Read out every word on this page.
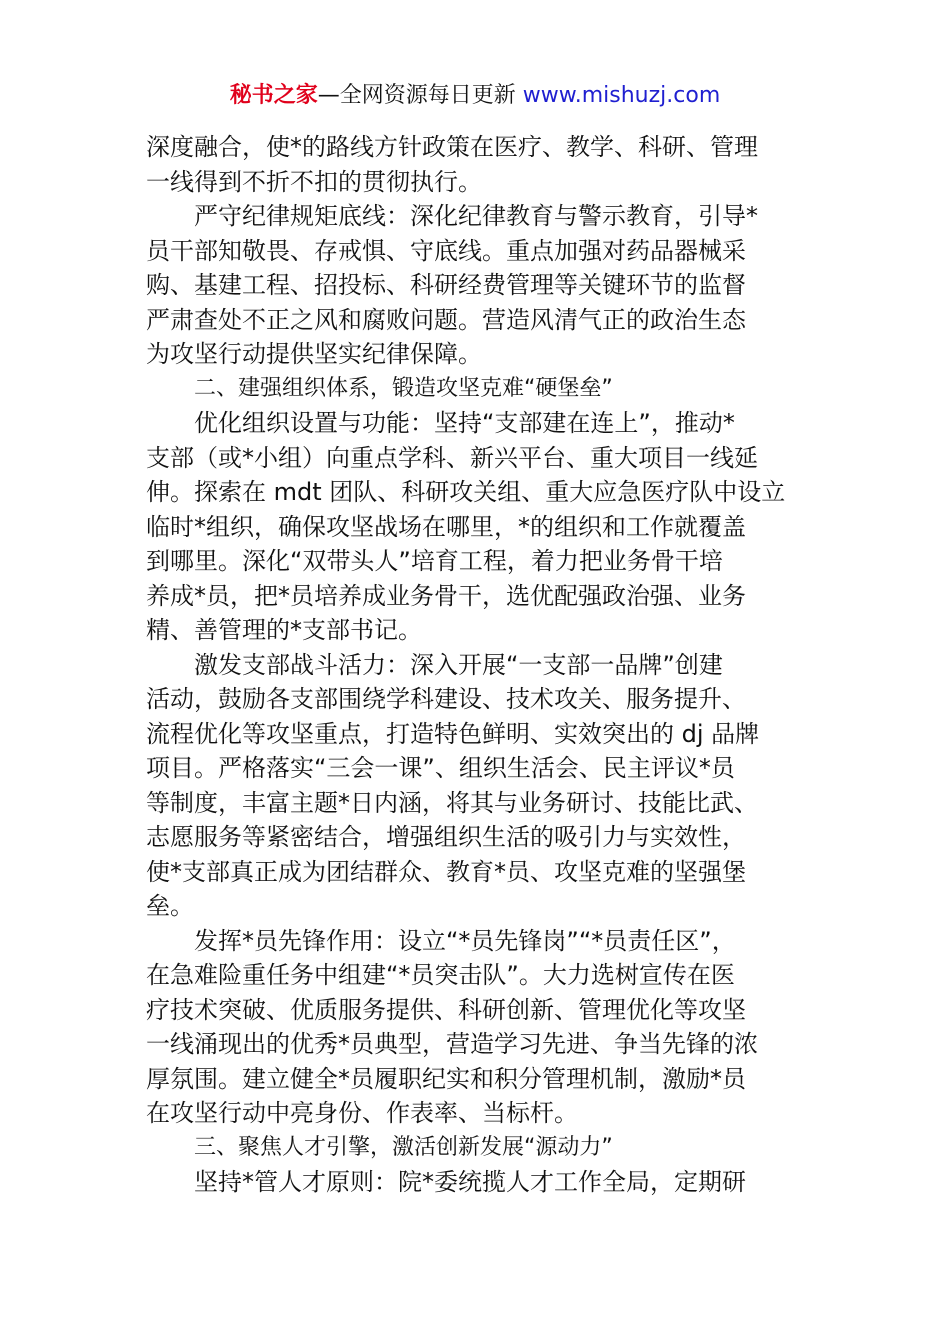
秘书之家—全网资源每日更新 www.mishuzj.com
深度融合，使*的路线方针政策在医疗、教学、科研、管理
一线得到不折不扣的贯彻执行。
严守纪律规矩底线：深化纪律教育与警示教育，引导*
员干部知敬畏、存戒惧、守底线。重点加强对药品器械采
购、基建工程、招投标、科研经费管理等关键环节的监督
严肃查处不正之风和腐败问题。营造风清气正的政治生态
为攻坚行动提供坚实纪律保障。
二、建强组织体系，锻造攻坚克难“硬堡垒”
优化组织设置与功能：坚持“支部建在连上”，推动*
支部（或*小组）向重点学科、新兴平台、重大项目一线延
伸。探索在 mdt 团队、科研攻关组、重大应急医疗队中设立
临时*组织，确保攻坚战场在哪里，*的组织和工作就覆盖
到哪里。深化“双带头人”培育工程，着力把业务骨干培
养成*员，把*员培养成业务骨干，选优配强政治强、业务
精、善管理的*支部书记。
激发支部战斗活力：深入开展“一支部一品牌”创建
活动，鼓励各支部围绕学科建设、技术攻关、服务提升、
流程优化等攻坚重点，打造特色鲜明、实效突出的 dj 品牌
项目。严格落实“三会一课”、组织生活会、民主评议*员
等制度，丰富主题*日内涵，将其与业务研讨、技能比武、
志愿服务等紧密结合，增强组织生活的吸引力与实效性，
使*支部真正成为团结群众、教育*员、攻坚克难的坚强堡
垒。
发挥*员先锋作用：设立“*员先锋岗”“*员责任区”，
在急难险重任务中组建“*员突击队”。大力选树宣传在医
疗技术突破、优质服务提供、科研创新、管理优化等攻坚
一线涌现出的优秀*员典型，营造学习先进、争当先锋的浓
厚氛围。建立健全*员履职纪实和积分管理机制，激励*员
在攻坚行动中亮身份、作表率、当标杆。
三、聚焦人才引擎，激活创新发展“源动力”
坚持*管人才原则：院*委统揽人才工作全局，定期研
